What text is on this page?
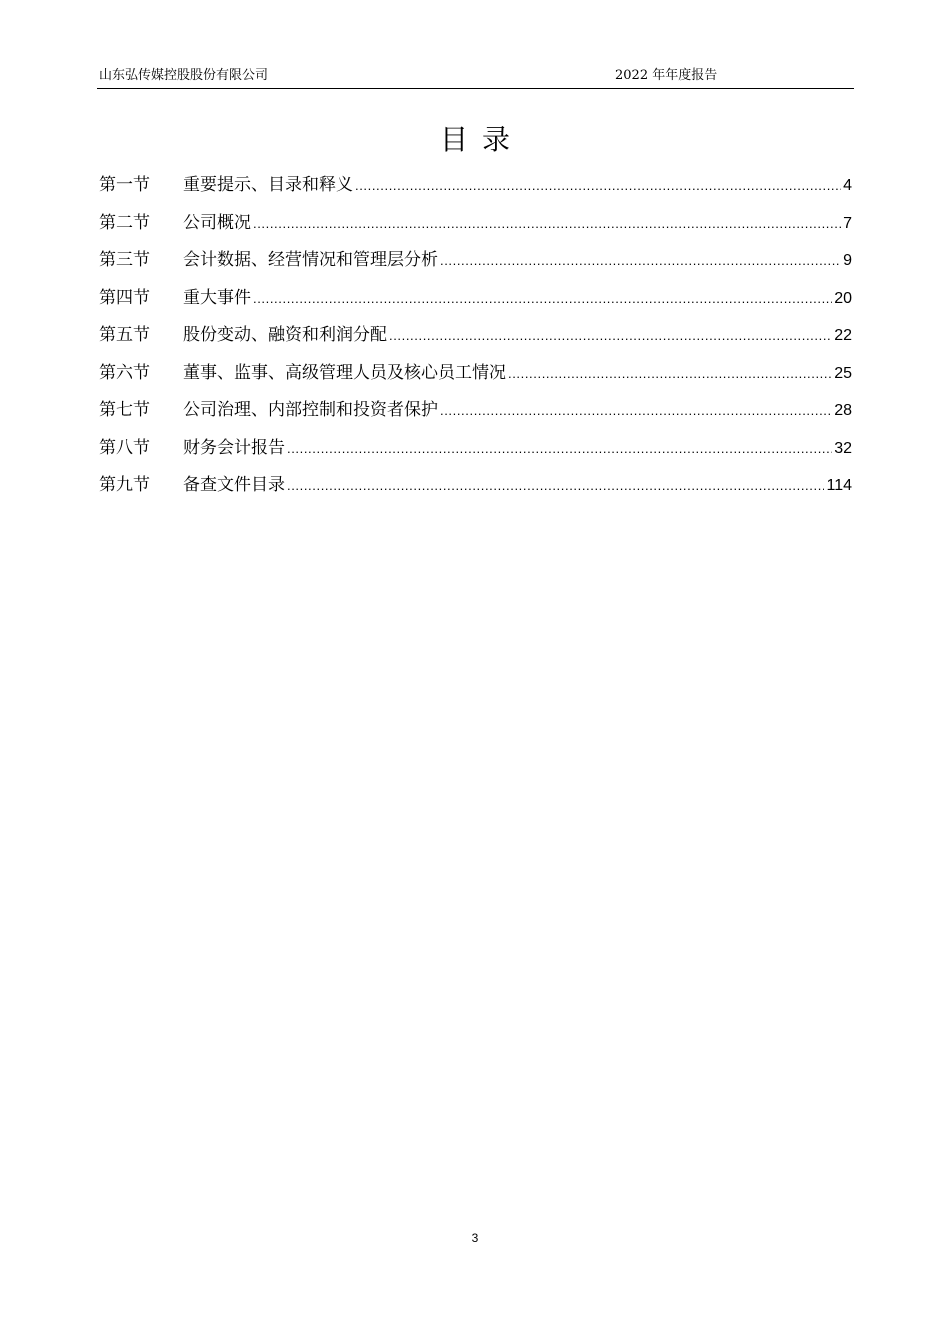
山东弘传媒控股股份有限公司	2022 年年度报告
目录
第一节	重要提示、目录和释义 .....	4
第二节	公司概况 .....	7
第三节	会计数据、经营情况和管理层分析 .....	9
第四节	重大事件 .....	20
第五节	股份变动、融资和利润分配 .....	22
第六节	董事、监事、高级管理人员及核心员工情况 .....	25
第七节	公司治理、内部控制和投资者保护 .....	28
第八节	财务会计报告 .....	32
第九节	备查文件目录 .....	114
3
